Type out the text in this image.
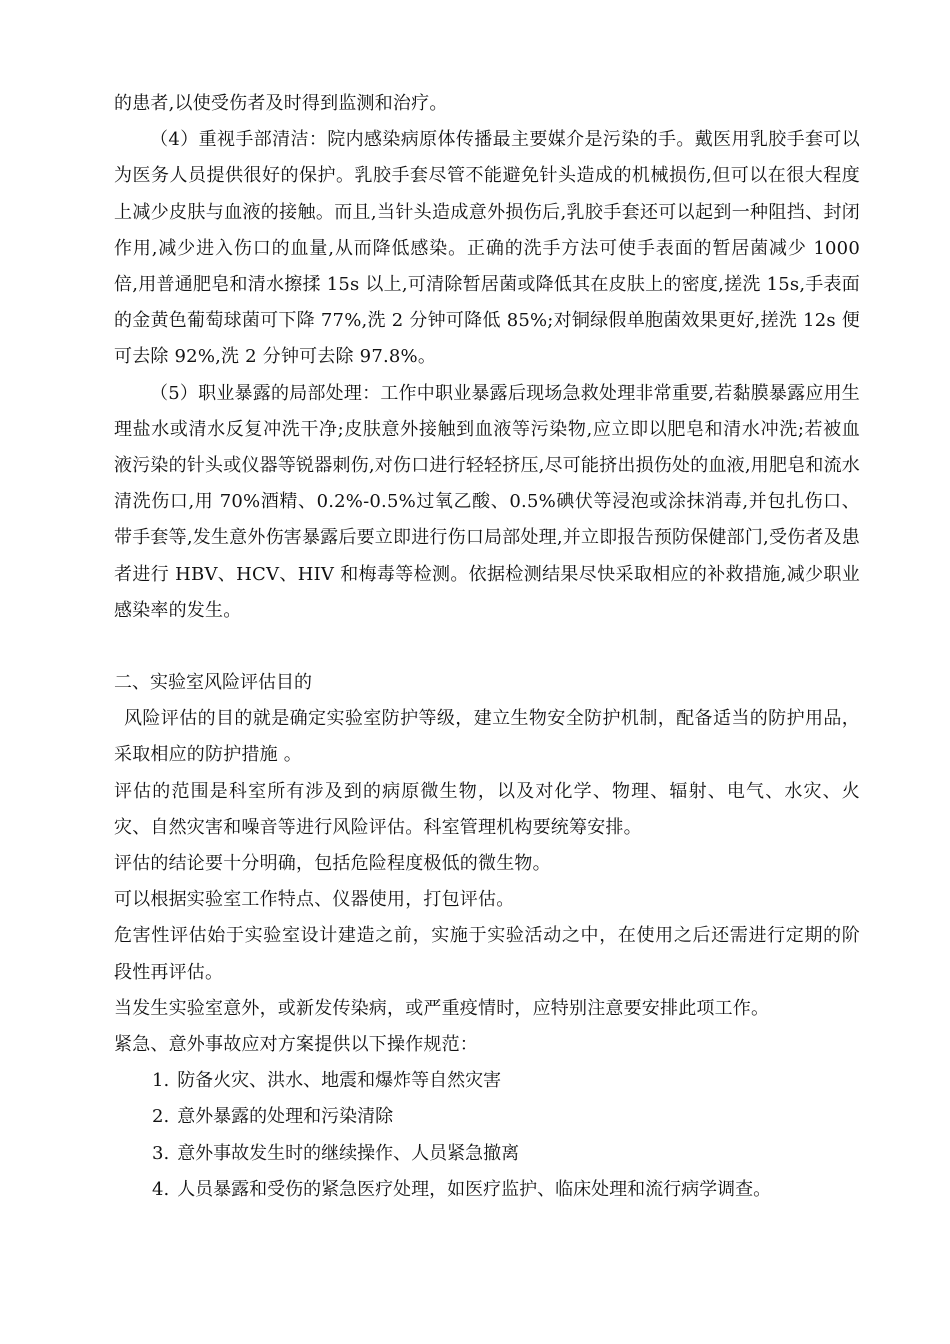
的患者,以使受伤者及时得到监测和治疗。

（4）重视手部清洁：院内感染病原体传播最主要媒介是污染的手。戴医用乳胶手套可以为医务人员提供很好的保护。乳胶手套尽管不能避免针头造成的机械损伤,但可以在很大程度上减少皮肤与血液的接触。而且,当针头造成意外损伤后,乳胶手套还可以起到一种阻挡、封闭作用,减少进入伤口的血量,从而降低感染。正确的洗手方法可使手表面的暂居菌减少 1000 倍,用普通肥皂和清水擦揉 15s 以上,可清除暂居菌或降低其在皮肤上的密度,搓洗 15s,手表面的金黄色葡萄球菌可下降 77%,洗 2 分钟可降低 85%;对铜绿假单胞菌效果更好,搓洗 12s 便可去除 92%,洗 2 分钟可去除 97.8%。

（5）职业暴露的局部处理：工作中职业暴露后现场急救处理非常重要,若黏膜暴露应用生理盐水或清水反复冲洗干净;皮肤意外接触到血液等污染物,应立即以肥皂和清水冲洗;若被血液污染的针头或仪器等锐器刺伤,对伤口进行轻轻挤压,尽可能挤出损伤处的血液,用肥皂和流水清洗伤口,用 70%酒精、0.2%-0.5%过氧乙酸、0.5%碘伏等浸泡或涂抹消毒,并包扎伤口、带手套等,发生意外伤害暴露后要立即进行伤口局部处理,并立即报告预防保健部门,受伤者及患者进行 HBV、HCV、HIV 和梅毒等检测。依据检测结果尽快采取相应的补救措施,减少职业感染率的发生。

二、实验室风险评估目的

风险评估的目的就是确定实验室防护等级，建立生物安全防护机制，配备适当的防护用品，采取相应的防护措施 。

评估的范围是科室所有涉及到的病原微生物，以及对化学、物理、辐射、电气、水灾、火灾、自然灾害和噪音等进行风险评估。科室管理机构要统筹安排。

评估的结论要十分明确，包括危险程度极低的微生物。

可以根据实验室工作特点、仪器使用，打包评估。

危害性评估始于实验室设计建造之前，实施于实验活动之中，在使用之后还需进行定期的阶段性再评估。

当发生实验室意外，或新发传染病，或严重疫情时，应特别注意要安排此项工作。

紧急、意外事故应对方案提供以下操作规范：

1. 防备火灾、洪水、地震和爆炸等自然灾害
2. 意外暴露的处理和污染清除
3. 意外事故发生时的继续操作、人员紧急撤离
4. 人员暴露和受伤的紧急医疗处理，如医疗监护、临床处理和流行病学调查。
